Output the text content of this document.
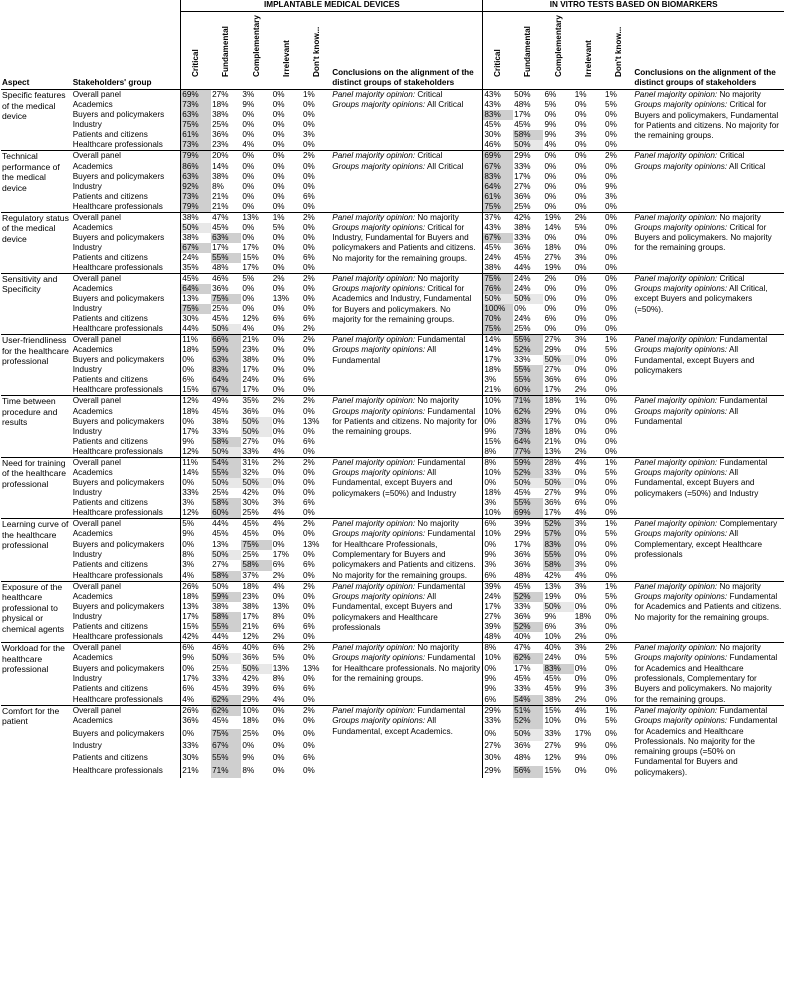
		IMPLANTABLE MEDICAL DEVICES						IN VITRO TESTS BASED ON BIOMARKERS					
Aspect	Stakeholders' group	Critical	Fundamental	Complementary	Irrelevant	Don't know...	Conclusions on the alignment of the distinct groups of stakeholders	Critical	Fundamental	Complementary	Irrelevant	Don't know...	Conclusions on the alignment of the distinct groups of stakeholders
Specific features of the medical device	Overall panel	69%	27%	3%	0%	1%	Panel majority opinion: Critical	43%	50%	6%	1%	1%	Panel majority opinion: No majority
	Academics	73%	18%	9%	0%	0%	Groups majority opinions: All Critical	43%	48%	5%	0%	5%	Groups majority opinions: Critical for Buyers and policymakers, Fundamental for Patients and citizens. No majority for the remaining groups.
	Buyers and policymakers	63%	38%	0%	0%	0%		83%	17%	0%	0%	0%	
	Industry	75%	25%	0%	0%	0%		45%	45%	9%	0%	0%	
	Patients and citizens	61%	36%	0%	0%	3%		30%	58%	9%	3%	0%	
	Healthcare professionals	73%	23%	4%	0%	0%		46%	50%	4%	0%	0%	
Technical performance of the medical device	Overall panel	79%	20%	0%	0%	2%	Panel majority opinion: Critical	69%	29%	0%	0%	2%	Panel majority opinion: Critical
	Academics	86%	14%	0%	0%	0%	Groups majority opinions: All Critical	67%	33%	0%	0%	0%	Groups majority opinions: All Critical
	Buyers and policymakers	63%	38%	0%	0%	0%		83%	17%	0%	0%	0%	
	Industry	92%	8%	0%	0%	0%		64%	27%	0%	0%	9%	
	Patients and citizens	73%	21%	0%	0%	6%		61%	36%	0%	0%	3%	
	Healthcare professionals	79%	21%	0%	0%	0%		75%	25%	0%	0%	0%	
Regulatory status of the medical device	Overall panel	38%	47%	13%	1%	2%	Panel majority opinion: No majority	37%	42%	19%	2%	0%	Panel majority opinion: No majority
	Academics	50%	45%	0%	5%	0%	Groups majority opinions: Critical for Industry, Fundamental for Buyers and policymakers and Patients and citizens. No majority for the remaining groups.	43%	38%	14%	5%	0%	Groups majority opinions: Critical for Buyers and policymakers. No majority for the remaining groups.
	Buyers and policymakers	38%	63%	0%	0%	0%		67%	33%	0%	0%	0%	
	Industry	67%	17%	17%	0%	0%		45%	36%	18%	0%	0%	
	Patients and citizens	24%	55%	15%	0%	6%		24%	45%	27%	3%	0%	
	Healthcare professionals	35%	48%	17%	0%	0%		38%	44%	19%	0%	0%	
Sensitivity and Specificity	Overall panel	45%	46%	5%	2%	2%	Panel majority opinion: No majority	75%	24%	2%	0%	0%	Panel majority opinion: Critical
	Academics	64%	36%	0%	0%	0%	Groups majority opinions: Critical for Academics and Industry, Fundamental for Buyers and policymakers. No majority for the remaining groups.	76%	24%	0%	0%	0%	Groups majority opinions: All Critical, except Buyers and policymakers (=50%).
	Buyers and policymakers	13%	75%	0%	13%	0%		50%	50%	0%	0%	0%	
	Industry	75%	25%	0%	0%	0%		100%	0%	0%	0%	0%	
	Patients and citizens	30%	45%	12%	6%	6%		70%	24%	6%	0%	0%	
	Healthcare professionals	44%	50%	4%	0%	2%		75%	25%	0%	0%	0%	
User-friendliness for the healthcare professional	Overall panel	11%	66%	21%	0%	2%	Panel majority opinion: Fundamental	14%	55%	27%	3%	1%	Panel majority opinion: Fundamental
	Academics	18%	59%	23%	0%	0%	Groups majority opinions: All Fundamental	14%	52%	29%	0%	5%	Groups majority opinions: All Fundamental, except Buyers and policymakers
	Buyers and policymakers	0%	63%	38%	0%	0%		17%	33%	50%	0%	0%	
	Industry	0%	83%	17%	0%	0%		18%	55%	27%	0%	0%	
	Patients and citizens	6%	64%	24%	0%	6%		3%	55%	36%	6%	0%	
	Healthcare professionals	15%	67%	17%	0%	0%		21%	60%	17%	2%	0%	
Time between procedure and results	Overall panel	12%	49%	35%	2%	2%	Panel majority opinion: No majority	10%	71%	18%	1%	0%	Panel majority opinion: Fundamental
	Academics	18%	45%	36%	0%	0%	Groups majority opinions: Fundamental for Patients and citizens. No majority for the remaining groups.	10%	62%	29%	0%	0%	Groups majority opinions: All Fundamental
	Buyers and policymakers	0%	38%	50%	0%	13%		0%	83%	17%	0%	0%	
	Industry	17%	33%	50%	0%	0%		9%	73%	18%	0%	0%	
	Patients and citizens	9%	58%	27%	0%	6%		15%	64%	21%	0%	0%	
	Healthcare professionals	12%	50%	33%	4%	0%		8%	77%	13%	2%	0%	
Need for training of the healthcare professional	Overall panel	11%	54%	31%	2%	2%	Panel majority opinion: Fundamental	8%	59%	28%	4%	1%	Panel majority opinion: Fundamental
	Academics	14%	55%	32%	0%	0%	Groups majority opinions: All Fundamental, except Buyers and policymakers (=50%) and Industry	10%	52%	33%	0%	5%	Groups majority opinions: All Fundamental, except Buyers and policymakers (=50%) and Industry
	Buyers and policymakers	0%	50%	50%	0%	0%		0%	50%	50%	0%	0%	
	Industry	33%	25%	42%	0%	0%		18%	45%	27%	9%	0%	
	Patients and citizens	3%	58%	30%	3%	6%		3%	55%	36%	6%	0%	
	Healthcare professionals	12%	60%	25%	4%	0%		10%	69%	17%	4%	0%	
Learning curve of the healthcare professional	Overall panel	5%	44%	45%	4%	2%	Panel majority opinion: No majority	6%	39%	52%	3%	1%	Panel majority opinion: Complementary
	Academics	9%	45%	45%	0%	0%	Groups majority opinions: Fundamental for Healthcare Professionals, Complementary for Buyers and policymakers and Patients and citizens. No majority for the remaining groups.	10%	29%	57%	0%	5%	Groups majority opinions: All Complementary, except Healthcare professionals
	Buyers and policymakers	0%	13%	75%	0%	13%		0%	17%	83%	0%	0%	
	Industry	8%	50%	25%	17%	0%		9%	36%	55%	0%	0%	
	Patients and citizens	3%	27%	58%	6%	6%		3%	36%	58%	3%	0%	
	Healthcare professionals	4%	58%	37%	2%	0%		6%	48%	42%	4%	0%	
Exposure of the healthcare professional to physical or chemical agents	Overall panel	26%	50%	18%	4%	2%	Panel majority opinion: Fundamental	39%	45%	13%	3%	1%	Panel majority opinion: No majority
	Academics	18%	59%	23%	0%	0%	Groups majority opinions: All Fundamental, except Buyers and policymakers and Healthcare professionals	24%	52%	19%	0%	5%	Groups majority opinions: Fundamental for Academics and Patients and citizens. No majority for the remaining groups.
	Buyers and policymakers	13%	38%	38%	13%	0%		17%	33%	50%	0%	0%	
	Industry	17%	58%	17%	8%	0%		27%	36%	9%	18%	0%	
	Patients and citizens	15%	55%	21%	6%	6%		39%	52%	6%	3%	0%	
	Healthcare professionals	42%	44%	12%	2%	0%		48%	40%	10%	2%	0%	
Workload for the healthcare professional	Overall panel	6%	46%	40%	6%	2%	Panel majority opinion: No majority	8%	47%	40%	3%	2%	Panel majority opinion: No majority
	Academics	9%	50%	36%	5%	0%	Groups majority opinions: Fundamental for Healthcare professionals. No majority for the remaining groups.	10%	62%	24%	0%	5%	Groups majority opinions: Fundamental for Academics and Healthcare professionals, Complementary for Buyers and policymakers. No majority for the remaining groups.
	Buyers and policymakers	0%	25%	50%	13%	13%		0%	17%	83%	0%	0%	
	Industry	17%	33%	42%	8%	0%		9%	45%	45%	0%	0%	
	Patients and citizens	6%	45%	39%	6%	6%		9%	33%	45%	9%	3%	
	Healthcare professionals	4%	62%	29%	4%	0%		6%	54%	38%	2%	0%	
Comfort for the patient	Overall panel	26%	62%	10%	0%	2%	Panel majority opinion: Fundamental	29%	51%	15%	4%	1%	Panel majority opinion: Fundamental
	Academics	36%	45%	18%	0%	0%	Groups majority opinions: All Fundamental, except Academics.	33%	52%	10%	0%	5%	Groups majority opinions: Fundamental for Academics and Healthcare Professionals. No majority for the remaining groups (=50% on Fundamental for Buyers and policymakers).
	Buyers and policymakers	0%	75%	25%	0%	0%		0%	50%	33%	17%	0%	
	Industry	33%	67%	0%	0%	0%		27%	36%	27%	9%	0%	
	Patients and citizens	30%	55%	9%	0%	6%		30%	48%	12%	9%	0%	
	Healthcare professionals	21%	71%	8%	0%	0%		29%	56%	15%	0%	0%	
